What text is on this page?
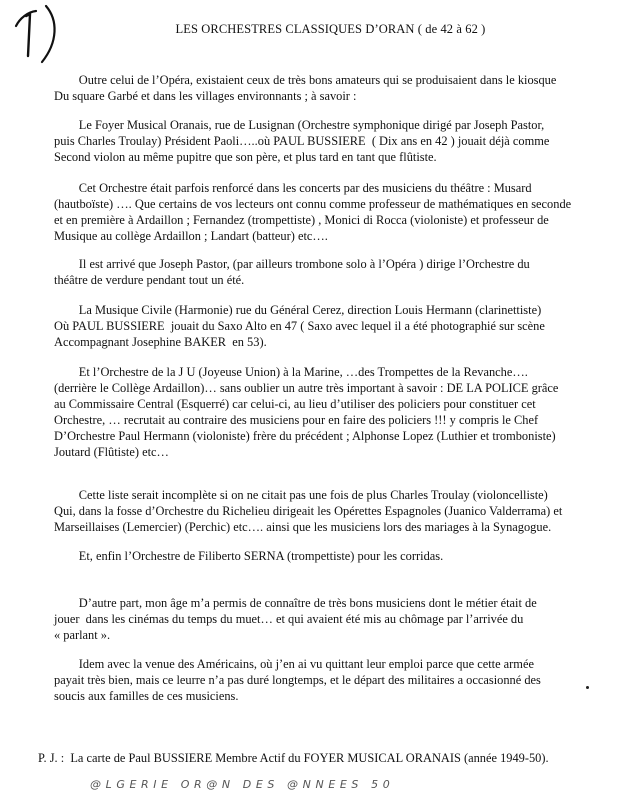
LES ORCHESTRES CLASSIQUES D’ORAN ( de 42 à 62 )
Outre celui de l’Opéra, existaient ceux de très bons amateurs qui se produisaient dans le kiosque
Du square Garbé et dans les villages environnants ; à savoir :
Le Foyer Musical Oranais, rue de Lusignan (Orchestre symphonique dirigé par Joseph Pastor,
puis Charles Troulay) Président Paoli…..où PAUL BUSSIERE  ( Dix ans en 42 ) jouait déjà comme
Second violon au même pupitre que son père, et plus tard en tant que flûtiste.
Cet Orchestre était parfois renforcé dans les concerts par des musiciens du théâtre : Musard
(hautboïste) …. Que certains de vos lecteurs ont connu comme professeur de mathématiques en seconde
et en première à Ardaillon ; Fernandez (trompettiste) , Monici di Rocca (violoniste) et professeur de
Musique au collège Ardaillon ; Landart (batteur) etc….
Il est arrivé que Joseph Pastor, (par ailleurs trombone solo à l’Opéra ) dirige l’Orchestre du
théâtre de verdure pendant tout un été.
La Musique Civile (Harmonie) rue du Général Cerez, direction Louis Hermann (clarinettiste)
Où PAUL BUSSIERE  jouait du Saxo Alto en 47 ( Saxo avec lequel il a été photographié sur scène
Accompagnant Josephine BAKER  en 53).
Et l’Orchestre de la J U (Joyeuse Union) à la Marine, …des Trompettes de la Revanche….
(derrière le Collège Ardaillon)… sans oublier un autre très important à savoir : DE LA POLICE grâce
au Commissaire Central (Esquerré) car celui-ci, au lieu d’utiliser des policiers pour constituer cet
Orchestre, … recrutait au contraire des musiciens pour en faire des policiers !!! y compris le Chef
D’Orchestre Paul Hermann (violoniste) frère du précédent ; Alphonse Lopez (Luthier et tromboniste)
Joutard (Flûtiste) etc…
Cette liste serait incomplète si on ne citait pas une fois de plus Charles Troulay (violoncelliste)
Qui, dans la fosse d’Orchestre du Richelieu dirigeait les Opérettes Espagnoles (Juanico Valderrama) et
Marseillaises (Lemercier) (Perchic) etc…. ainsi que les musiciens lors des mariages à la Synagogue.
Et, enfin l’Orchestre de Filiberto SERNA (trompettiste) pour les corridas.
D’autre part, mon âge m’a permis de connaître de très bons musiciens dont le métier était de
jouer  dans les cinémas du temps du muet… et qui avaient été mis au chômage par l’arrivée du
« parlant ».
Idem avec la venue des Américains, où j’en ai vu quittant leur emploi parce que cette armée
payait très bien, mais ce leurre n’a pas duré longtemps, et le départ des militaires a occasionné des
soucis aux familles de ces musiciens.
P. J. :  La carte de Paul BUSSIERE Membre Actif du FOYER MUSICAL ORANAIS (année 1949-50).
@LGERIE OR@N DES @NNEES 50
